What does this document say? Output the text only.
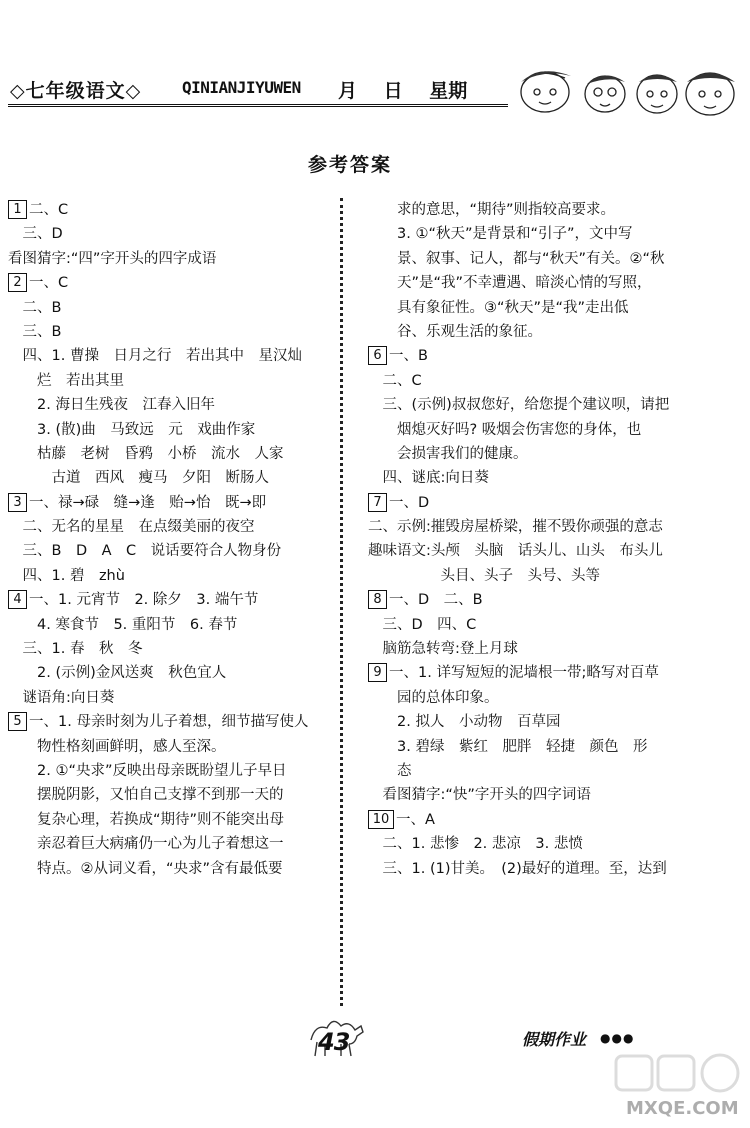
◇七年级语文◇	QINIANJIYUWEN 月 日 星期
参考答案
1 二、C
　三、D
看图猜字:“四”字开头的四字成语
2 一、C
　二、B
　三、B
　四、1. 曹操　日月之行　若出其中　星汉灿
　　烂　若出其里
　　2. 海日生残夜　江春入旧年
　　3. (散)曲　马致远　元　戏曲作家
　　枯藤　老树　昏鸦　小桥　流水　人家
　　　古道　西风　瘦马　夕阳　断肠人
3 一、禄→碌　缝→逢　贻→怡　既→即
　二、无名的星星　在点缀美丽的夜空
　三、B　D　A　C　说话要符合人物身份
　四、1. 碧　zhù
4 一、1. 元宵节　2. 除夕　3. 端午节
　　4. 寒食节　5. 重阳节　6. 春节
　三、1. 春　秋　冬
　　2. (示例)金风送爽　秋色宜人
　谜语角:向日葵
5 一、1. 母亲时刻为儿子着想，细节描写使人
　　物性格刻画鲜明，感人至深。
　　2. ①“央求”反映出母亲既盼望儿子早日
　　摆脱阴影，又怕自己支撑不到那一天的
　　复杂心理，若换成“期待”则不能突出母
　　亲忍着巨大病痛仍一心为儿子着想这一
　　特点。②从词义看，“央求”含有最低要
　　求的意思，“期待”则指较高要求。
　　3. ①“秋天”是背景和“引子”，文中写
　　景、叙事、记人，都与“秋天”有关。②“秋
　　天”是“我”不幸遭遇、暗淡心情的写照，
　　具有象征性。③“秋天”是“我”走出低
　　谷、乐观生活的象征。
6 一、B
　二、C
　三、(示例)叔叔您好，给您提个建议呗，请把
　　烟熄灭好吗? 吸烟会伤害您的身体，也
　　会损害我们的健康。
　四、谜底:向日葵
7 一、D
二、示例:摧毁房屋桥梁，摧不毁你顽强的意志
趣味语文:头颅　头脑　话头儿、山头　布头儿
　　　　　头目、头子　头号、头等
8 一、D　二、B
　三、D　四、C
　脑筋急转弯:登上月球
9 一、1. 详写短短的泥墙根一带;略写对百草
　　园的总体印象。
　　2. 拟人　小动物　百草园
　　3. 碧绿　紫红　肥胖　轻捷　颜色　形
　　态
　看图猜字:“快”字开头的四字词语
10 一、A
　二、1. 悲惨　2. 悲凉　3. 悲愤
　三、1. (1)甘美。　(2)最好的道理。至，达到
43	假期作业 ●●●
MXQE.COM
